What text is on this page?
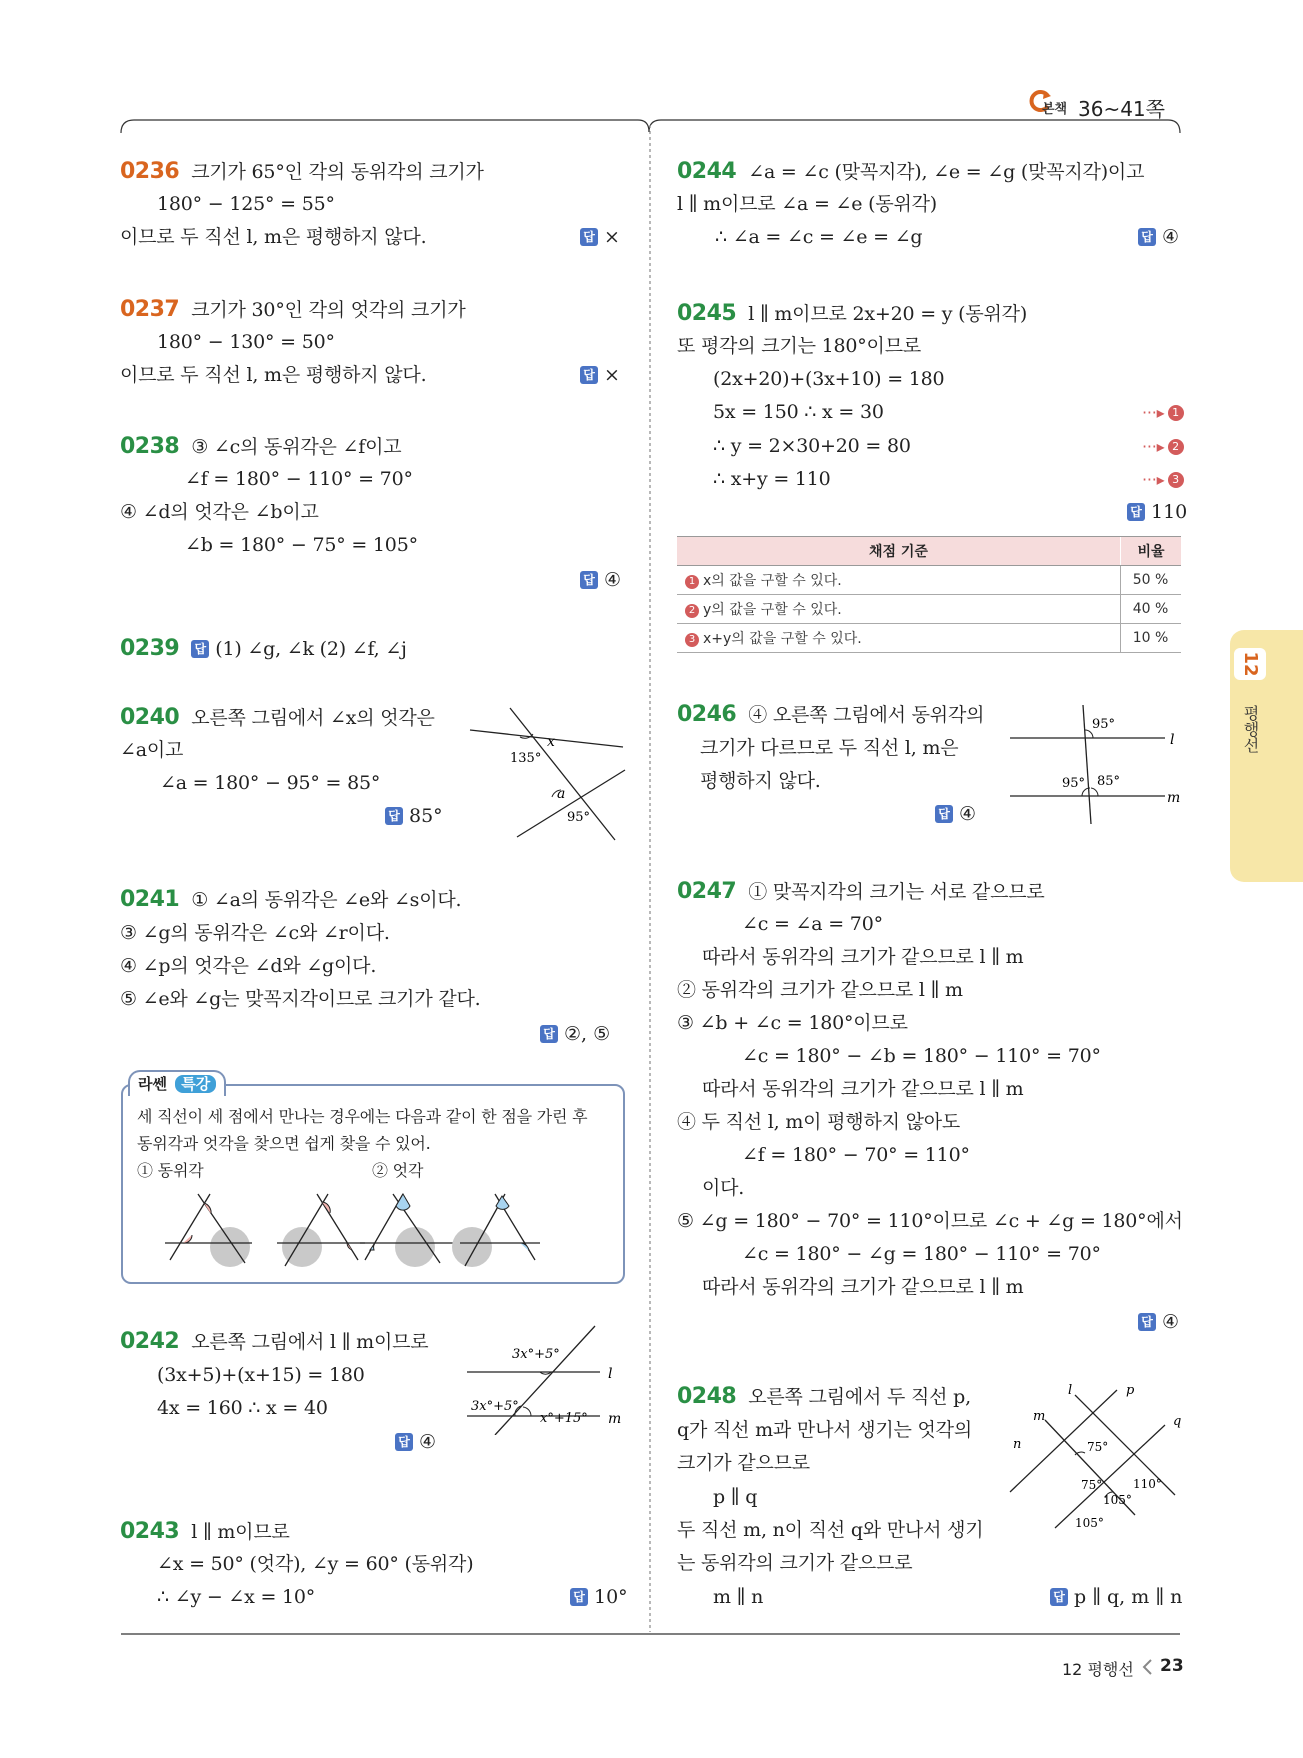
본책 36~41쪽
0236 크기가 65°인 각의 동위각의 크기가
180° − 125° = 55°
이므로 두 직선 l, m은 평행하지 않다.	답 ×
0237 크기가 30°인 각의 엇각의 크기가
180° − 130° = 50°
이므로 두 직선 l, m은 평행하지 않다.	답 ×
0238 ③ ∠c의 동위각은 ∠f이고
∠f = 180° − 110° = 70°
④ ∠d의 엇각은 ∠b이고
∠b = 180° − 75° = 105°
답 ④
0239 답 (1) ∠g, ∠k (2) ∠f, ∠j
0240 오른쪽 그림에서 ∠x의 엇각은
∠a이고
∠a = 180° − 95° = 85°
답 85°
135°
x
a
95°
0241 ① ∠a의 동위각은 ∠e와 ∠s이다.
③ ∠g의 동위각은 ∠c와 ∠r이다.
④ ∠p의 엇각은 ∠d와 ∠g이다.
⑤ ∠e와 ∠g는 맞꼭지각이므로 크기가 같다.
답 ②, ⑤
라쎈 특강
세 직선이 세 점에서 만나는 경우에는 다음과 같이 한 점을 가린 후
동위각과 엇각을 찾으면 쉽게 찾을 수 있어.
① 동위각	② 엇각
0242 오른쪽 그림에서 l ∥ m이므로
(3x+5)+(x+15) = 180
4x = 160 ∴ x = 40
답 ④
3x°+5°
l
3x°+5°
x°+15° m
0243 l ∥ m이므로
∠x = 50° (엇각), ∠y = 60° (동위각)
∴ ∠y − ∠x = 10°	답 10°
0244 ∠a = ∠c (맞꼭지각), ∠e = ∠g (맞꼭지각)이고
l ∥ m이므로 ∠a = ∠e (동위각)
∴ ∠a = ∠c = ∠e = ∠g	답 ④
0245 l ∥ m이므로 2x+20 = y (동위각)
또 평각의 크기는 180°이므로
(2x+20)+(3x+10) = 180
5x = 150 ∴ x = 30
∴ y = 2×30+20 = 80
∴ x+y = 110
···▸ 1
···▸ 2
···▸ 3
답 110
채점 기준	비율
1 x의 값을 구할 수 있다.	50 %
2 y의 값을 구할 수 있다.	40 %
3 x+y의 값을 구할 수 있다.	10 %
0246 ④ 오른쪽 그림에서 동위각의
크기가 다르므로 두 직선 l, m은
평행하지 않다.
답 ④
95°
l
95° 85°
m
0247 ① 맞꼭지각의 크기는 서로 같으므로
∠c = ∠a = 70°
따라서 동위각의 크기가 같으므로 l ∥ m
② 동위각의 크기가 같으므로 l ∥ m
③ ∠b + ∠c = 180°이므로
∠c = 180° − ∠b = 180° − 110° = 70°
따라서 동위각의 크기가 같으므로 l ∥ m
④ 두 직선 l, m이 평행하지 않아도
∠f = 180° − 70° = 110°
이다.
⑤ ∠g = 180° − 70° = 110°이므로 ∠c + ∠g = 180°에서
∠c = 180° − ∠g = 180° − 110° = 70°
따라서 동위각의 크기가 같으므로 l ∥ m
답 ④
0248 오른쪽 그림에서 두 직선 p,
q가 직선 m과 만나서 생기는 엇각의
크기가 같으므로
p ∥ q
두 직선 m, n이 직선 q와 만나서 생기
는 동위각의 크기가 같으므로
m ∥ n	답 p ∥ q, m ∥ n
l	p
m	q
n	75°
110°
75°
105°
105°
12
평행선
12 평행선 23
